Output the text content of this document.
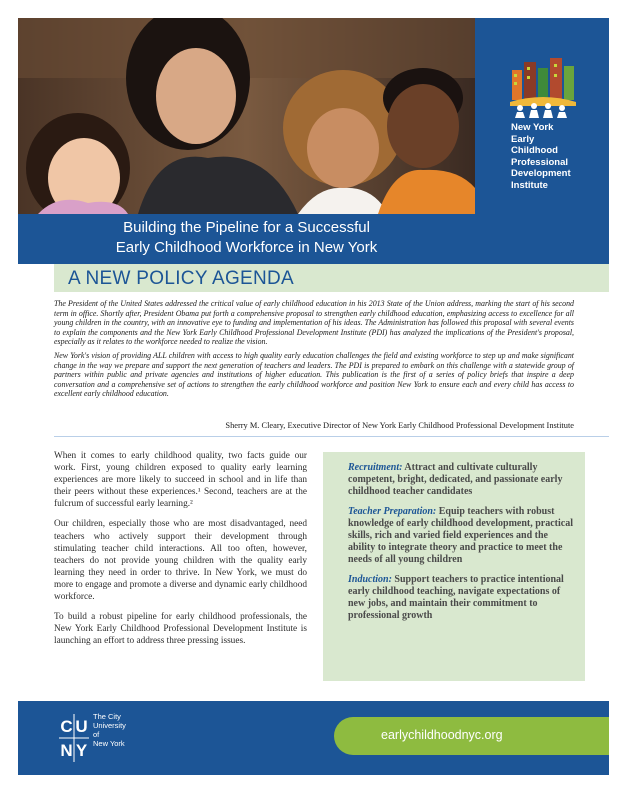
New York
Early
Childhood
Professional
Development
Institute
Building the Pipeline for a Successful
Early Childhood Workforce in New York
A NEW POLICY AGENDA

The President of the United States addressed the critical value of early childhood education in his 2013 State of the Union address, marking the start of his second term in office. Shortly after, President Obama put forth a comprehensive proposal to strengthen early childhood education, emphasizing access to excellence for all young children in the country, with an innovative eye to funding and implementation of his ideas. The Administration has followed this proposal with several events to explain the components and the New York Early Childhood Professional Development Institute (PDI) has analyzed the implications of the President's proposal, especially as it relates to the workforce needed to realize the vision.

New York's vision of providing ALL children with access to high quality early education challenges the field and existing workforce to step up and make significant change in the way we prepare and support the next generation of teachers and leaders. The PDI is prepared to embark on this challenge with a statewide group of partners within public and private agencies and institutions of higher education. This publication is the first of a series of policy briefs that inspire a deep conversation and a comprehensive set of actions to strengthen the early childhood workforce and position New York to ensure each and every child has access to excellent early childhood education.

Sherry M. Cleary, Executive Director of New York Early Childhood Professional Development Institute

When it comes to early childhood quality, two facts guide our work. First, young children exposed to quality early learning experiences are more likely to succeed in school and in life than their peers without these experiences.¹ Second, teachers are at the fulcrum of successful early learning.²

Our children, especially those who are most disadvantaged, need teachers who actively support their development through stimulating teacher child interactions. All too often, however, teachers do not provide young children with the quality early learning they need in order to thrive. In New York, we must do more to engage and promote a diverse and dynamic early childhood workforce.

To build a robust pipeline for early childhood professionals, the New York Early Childhood Professional Development Institute is launching an effort to address three pressing issues.

Recruitment: Attract and cultivate culturally competent, bright, dedicated, and passionate early childhood teacher candidates

Teacher Preparation: Equip teachers with robust knowledge of early childhood development, practical skills, rich and varied field experiences and the ability to integrate theory and practice to meet the needs of all young children

Induction: Support teachers to practice intentional early childhood teaching, navigate expectations of new jobs, and maintain their commitment to professional growth

C U
N Y
The City
University
of
New York
earlychildhoodnyc.org
